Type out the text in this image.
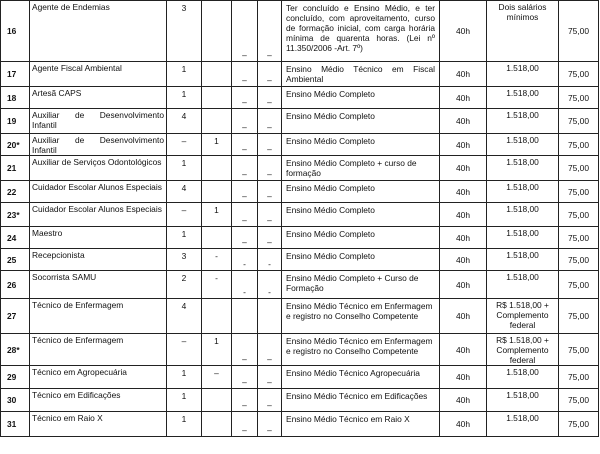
16	Agente de Endemias	3		–	–	Ter concluído e Ensino Médio, e ter concluído, com aproveitamento, curso de formação inicial, com carga horária mínima de quarenta horas. (Lei nº 11.350/2006 -Art. 7º)	40h	Dois salários mínimos	75,00
17	Agente Fiscal Ambiental	1		–	–	Ensino Médio Técnico em Fiscal Ambiental	40h	1.518,00	75,00
18	Artesã CAPS	1		–	–	Ensino Médio Completo	40h	1.518,00	75,00
19	Auxiliar de Desenvolvimento Infantil	4		–	–	Ensino Médio Completo	40h	1.518,00	75,00
20*	Auxiliar de Desenvolvimento Infantil	–	1	–	–	Ensino Médio Completo	40h	1.518,00	75,00
21	Auxiliar de Serviços Odontológicos	1		–	–	Ensino Médio Completo + curso de formação	40h	1.518,00	75,00
22	Cuidador Escolar Alunos Especiais	4		–	–	Ensino Médio Completo	40h	1.518,00	75,00
23*	Cuidador Escolar Alunos Especiais	–	1	–	–	Ensino Médio Completo	40h	1.518,00	75,00
24	Maestro	1		–	–	Ensino Médio Completo	40h	1.518,00	75,00
25	Recepcionista	3	-	-	-	Ensino Médio Completo	40h	1.518,00	75,00
26	Socorrista SAMU	2	-	-	-	Ensino Médio Completo + Curso de Formação	40h	1.518,00	75,00
27	Técnico de Enfermagem	4				Ensino Médio Técnico em Enfermagem e registro no Conselho Competente	40h	R$ 1.518,00 + Complemento federal	75,00
28*	Técnico de Enfermagem	–	1	–	–	Ensino Médio Técnico em Enfermagem e registro no Conselho Competente	40h	R$ 1.518,00 + Complemento federal	75,00
29	Técnico em Agropecuária	1	–	–	–	Ensino Médio Técnico Agropecuária	40h	1.518,00	75,00
30	Técnico em Edificações	1		–	–	Ensino Médio Técnico em Edificações	40h	1.518,00	75,00
31	Técnico em Raio X	1		–	–	Ensino Médio Técnico em Raio X	40h	1.518,00	75,00
